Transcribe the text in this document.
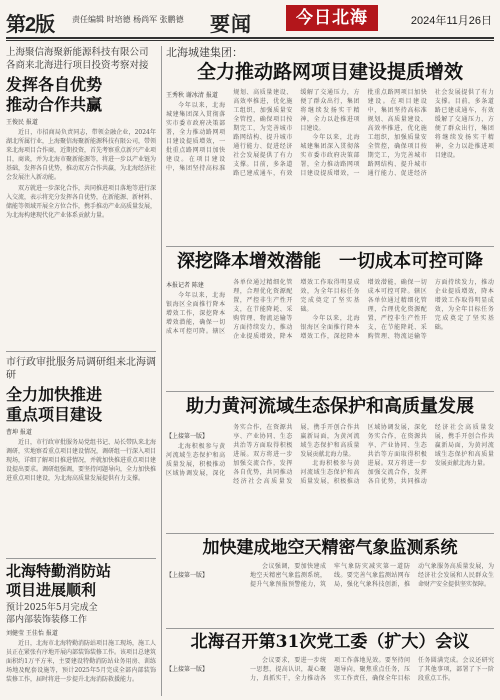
第2版 责任编辑 时培德 杨尚军 张鹏德 要闻	今日北海	2024年11月26日
上海聚信海聚新能源科技有限公司各商来北海进行项目投资考察对接
发挥各自优势
推动合作共赢
王俊民 报道

近日，市招商局负责同志，带领金融企业，2024年湖北所属行业，上海聚信海聚新能源科技有限公司，带领来北海项目合作商，近期投资，首先考察重点新兴产业项目，商谈，并为北海市聚新能源等，将进一步以产业链为基础，发挥各自优势，推动双方合作共赢，为北海经济社会发展注入新动能。

双方就进一步深化合作，共同推进项目落地等进行深入交流，表示将充分发挥各自优势，在新能源、新材料、储能等领域开展全方位合作，携手推动产业高质量发展，为北海构建现代化产业体系贡献力量。

市行政审批服务局调研组来北海调研
全力加快推进
重点项目建设
曹坤 报道

近日，市行政审批服务局党组书记、局长带队来北海调研，实地察看重点项目建设情况，调研组一行深入项目现场，详细了解项目推进情况，并就加快推进重点项目建设提出要求。调研组强调，要坚持问题导向，全力加快推进重点项目建设，为北海高质量发展提供有力支撑。

北海特勤消防站
项目进展顺利
预计2025年5月完成全
部内部装饰装修工作
刘健莹 王佳怡 报道

近日，北海市北海特勤消防站项目施工现场，施工人员正在紧张有序地开展内部装饰装修工作。该项目总建筑面积约1万平方米，主要建设特勤消防站业务用房、训练场地及配套设施等，预计2025年5月完成全部内部装饰装修工作，届时将进一步提升北海消防救援能力。

北海城建集团：
全力推动路网项目建设提质增效
王秀秋 谢冰清 报道

今年以来，北海城建集团深入贯彻落实市委市政府决策部署，全力推动路网项目建设提质增效，一批重点路网项目加快建设。在项目建设中，集团坚持高标准规划、高质量建设、高效率推进，优化施工组织，加强质量安全管控，确保项目按期完工，为完善城市路网结构、提升城市通行能力、促进经济社会发展提供了有力支撑。目前，多条道路已建成通车，有效缓解了交通压力，方便了群众出行，集团将继续发扬实干精神，全力以赴推进项目建设。

今年以来，北海城建集团深入贯彻落实市委市政府决策部署，全力推动路网项目建设提质增效，一批重点路网项目加快建设。在项目建设中，集团坚持高标准规划、高质量建设、高效率推进，优化施工组织，加强质量安全管控，确保项目按期完工，为完善城市路网结构、提升城市通行能力、促进经济社会发展提供了有力支撑。目前，多条道路已建成通车，有效缓解了交通压力，方便了群众出行，集团将继续发扬实干精神，全力以赴推进项目建设。

深挖降本增效潜能　一切成本可控可降
本报记者 陈建

今年以来，北海银海区全面推行降本增效工作，深挖降本增效潜能，确保一切成本可控可降。辖区各单位通过精细化管理，合理优化资源配置，严控非生产性开支，在节能降耗、采购管理、物流运输等方面持续发力，推动企业提质增效，降本增效工作取得明显成效，为全年目标任务完成奠定了坚实基础。

今年以来，北海银海区全面推行降本增效工作，深挖降本增效潜能，确保一切成本可控可降。辖区各单位通过精细化管理，合理优化资源配置，严控非生产性开支，在节能降耗、采购管理、物流运输等方面持续发力，推动企业提质增效，降本增效工作取得明显成效，为全年目标任务完成奠定了坚实基础。

助力黄河流域生态保护和高质量发展
【上接第一版】

北海积极参与黄河流域生态保护和高质量发展，积极推动区域协调发展，深化务实合作，在资源共享、产业协同、生态共治等方面取得积极进展。双方将进一步加强交流合作，发挥各自优势，共同推动经济社会高质量发展，携手开创合作共赢新局面，为黄河流域生态保护和高质量发展贡献北海力量。

北海积极参与黄河流域生态保护和高质量发展，积极推动区域协调发展，深化务实合作，在资源共享、产业协同、生态共治等方面取得积极进展。双方将进一步加强交流合作，发挥各自优势，共同推动经济社会高质量发展，携手开创合作共赢新局面，为黄河流域生态保护和高质量发展贡献北海力量。

加快建成地空天精密气象监测系统
【上接第一版】

会议强调，要加快建成地空天精密气象监测系统，提升气象预报预警能力，筑牢气象防灾减灾第一道防线。要完善气象监测站网布局，强化气象科技创新，推动气象服务高质量发展，为经济社会发展和人民群众生命财产安全提供坚实保障。

北海召开第31次党工委（扩大）会议
【上接第一版】

会议要求，要进一步统一思想，提高认识，凝心聚力，真抓实干，全力推动各项工作落地见效。要坚持问题导向，聚焦重点任务，压实工作责任，确保全年目标任务圆满完成。会议还研究了其他事项，部署了下一阶段重点工作。
